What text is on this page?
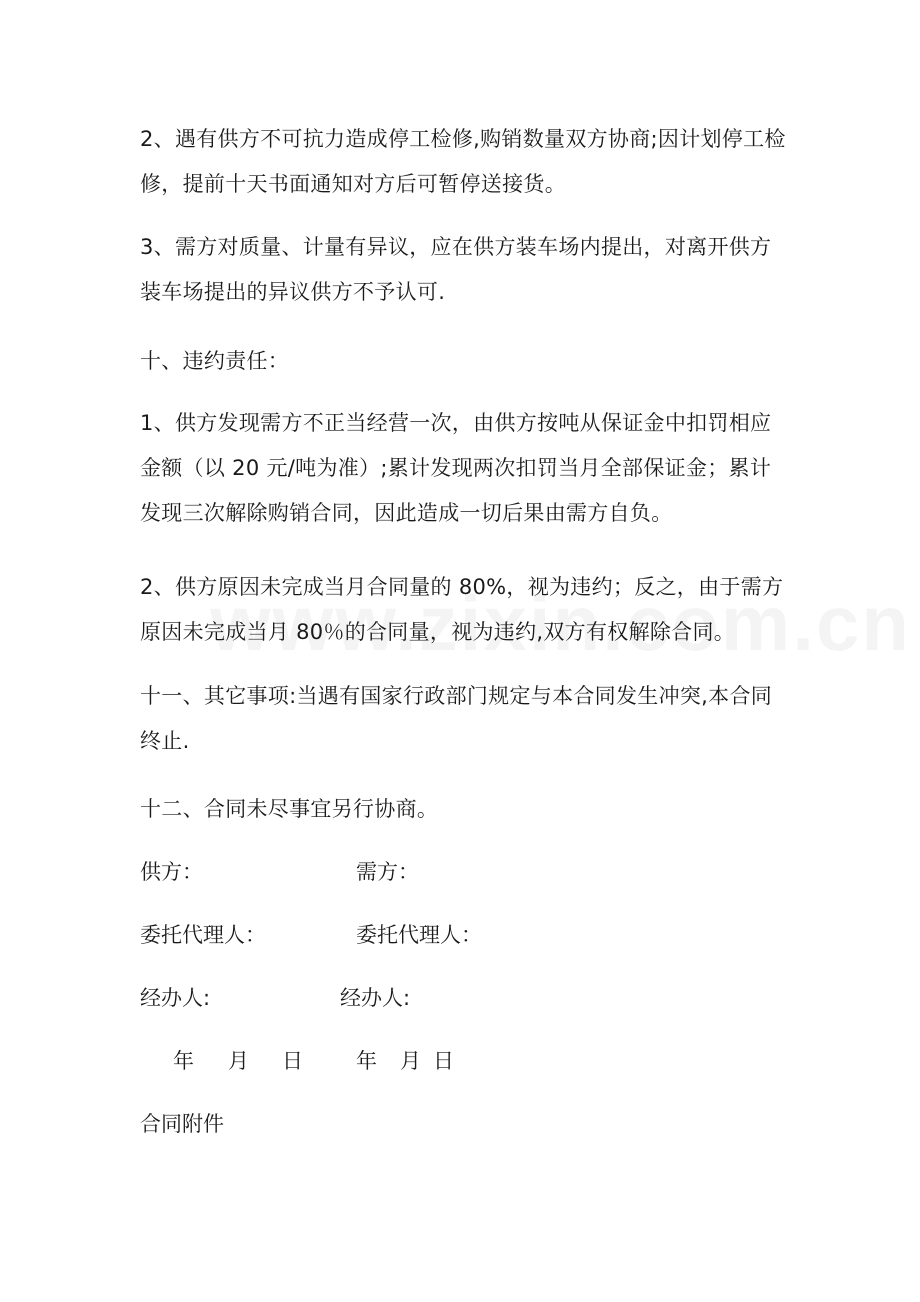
2、遇有供方不可抗力造成停工检修,购销数量双方协商;因计划停工检
修，提前十天书面通知对方后可暂停送接货。
3、需方对质量、计量有异议，应在供方装车场内提出，对离开供方
装车场提出的异议供方不予认可.
十、违约责任：
1、供方发现需方不正当经营一次，由供方按吨从保证金中扣罚相应
金额（以 20 元/吨为准）;累计发现两次扣罚当月全部保证金；累计
发现三次解除购销合同，因此造成一切后果由需方自负。
2、供方原因未完成当月合同量的 80%，视为违约；反之，由于需方
原因未完成当月 80％的合同量，视为违约,双方有权解除合同。
十一、其它事项:当遇有国家行政部门规定与本合同发生冲突,本合同
终止.
十二、合同未尽事宜另行协商。
供方：	需方：
委托代理人：	委托代理人：
经办人:	经办人:
年 月 日	年 月 日
合同附件
